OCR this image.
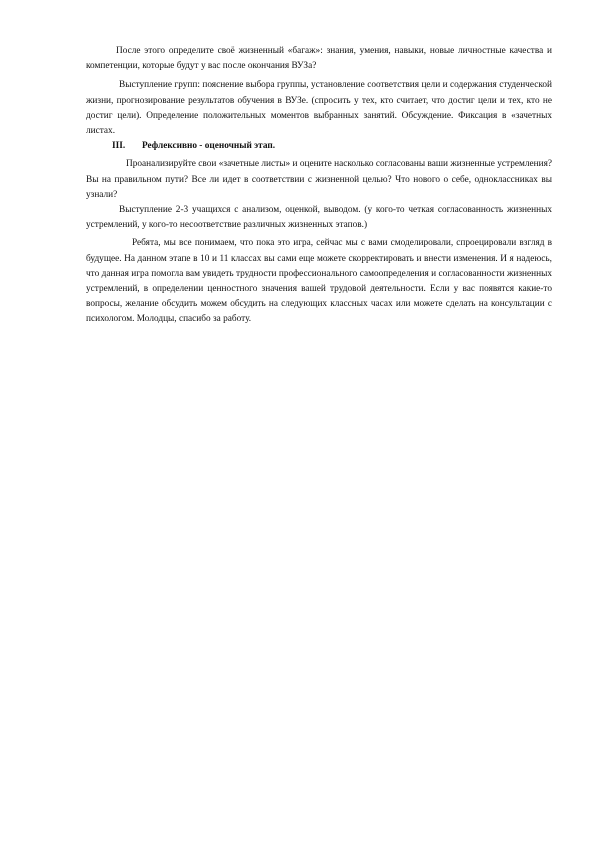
После этого определите своё жизненный «багаж»: знания, умения, навыки, новые личностные качества и компетенции, которые будут у вас после окончания ВУЗа?

Выступление групп: пояснение выбора группы, установление соответствия цели и содержания студенческой жизни, прогнозирование результатов обучения в ВУЗе. (спросить у тех, кто считает, что достиг цели и тех, кто не достиг цели). Определение положительных моментов выбранных занятий. Обсуждение. Фиксация в «зачетных листах.

III. Рефлексивно - оценочный этап.

Проанализируйте свои «зачетные листы» и оцените насколько согласованы ваши жизненные устремления? Вы на правильном пути? Все ли идет в соответствии с жизненной целью? Что нового о себе, одноклассниках вы узнали?

Выступление 2-3 учащихся с анализом, оценкой, выводом. (у кого-то четкая согласованность жизненных устремлений, у кого-то несоответствие различных жизненных этапов.)

Ребята, мы все понимаем, что пока это игра, сейчас мы с вами смоделировали, спроецировали взгляд в будущее. На данном этапе в 10 и 11 классах вы сами еще можете скорректировать и внести изменения. И я надеюсь, что данная игра помогла вам увидеть трудности профессионального самоопределения и согласованности жизненных устремлений, в определении ценностного значения вашей трудовой деятельности. Если у вас появятся какие-то вопросы, желание обсудить можем обсудить на следующих классных часах или можете сделать на консультации с психологом. Молодцы, спасибо за работу.
